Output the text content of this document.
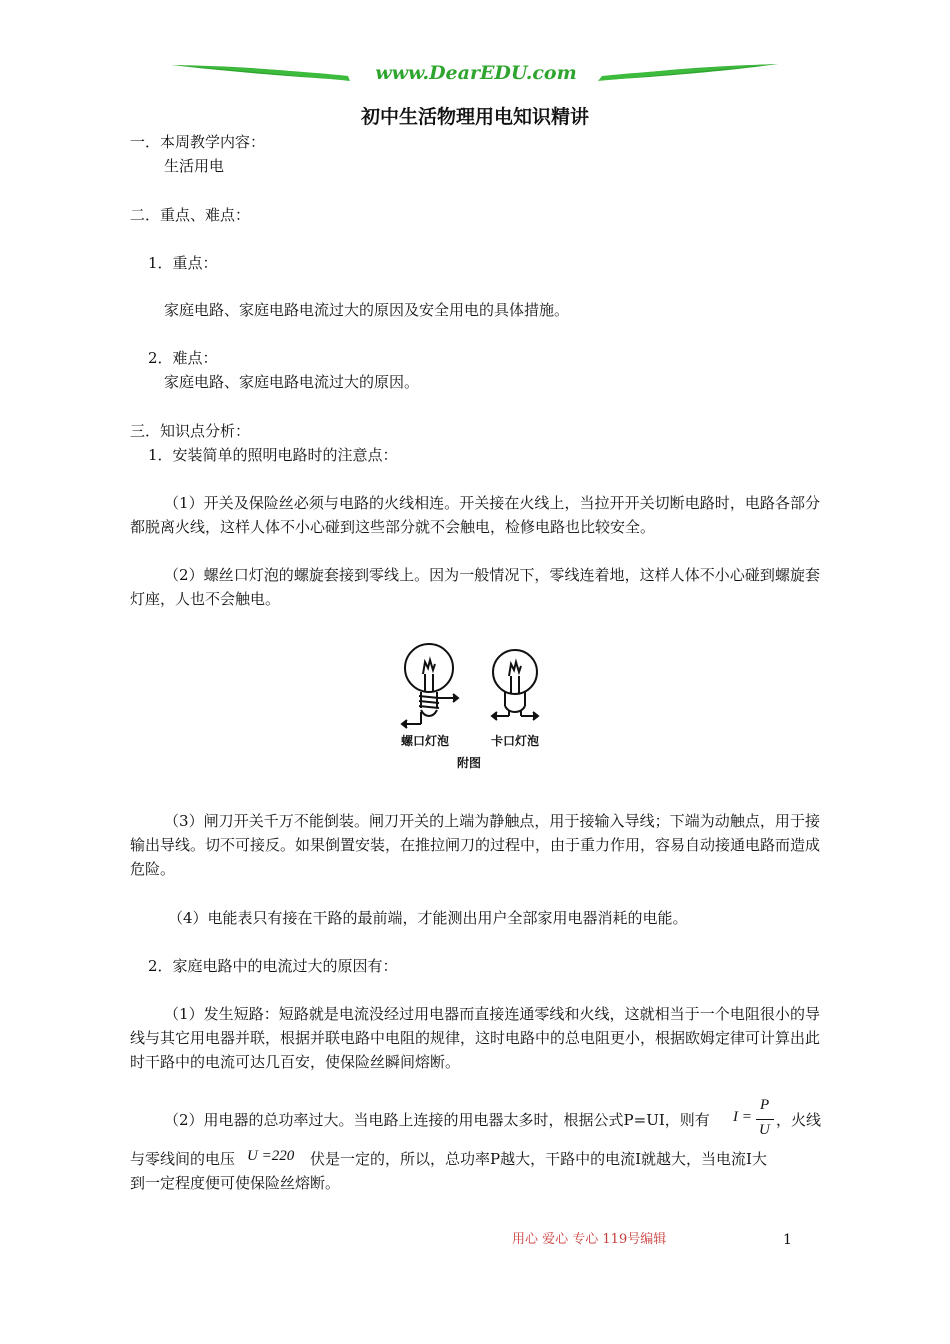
www.DearEDU.com
初中生活物理用电知识精讲
一．本周教学内容：
生活用电
二．重点、难点：
1．重点：
家庭电路、家庭电路电流过大的原因及安全用电的具体措施。
2．难点：
家庭电路、家庭电路电流过大的原因。
三．知识点分析：
1．安装简单的照明电路时的注意点：
（1）开关及保险丝必须与电路的火线相连。开关接在火线上，当拉开开关切断电路时，电路各部分都脱离火线，这样人体不小心碰到这些部分就不会触电，检修电路也比较安全。
（2）螺丝口灯泡的螺旋套接到零线上。因为一般情况下，零线连着地，这样人体不小心碰到螺旋套灯座，人也不会触电。
螺口灯泡	卡口灯泡
附图
（3）闸刀开关千万不能倒装。闸刀开关的上端为静触点，用于接输入导线；下端为动触点，用于接输出导线。切不可接反。如果倒置安装，在推拉闸刀的过程中，由于重力作用，容易自动接通电路而造成危险。
（4）电能表只有接在干路的最前端，才能测出用户全部家用电器消耗的电能。
2．家庭电路中的电流过大的原因有：
（1）发生短路：短路就是电流没经过用电器而直接连通零线和火线，这就相当于一个电阻很小的导线与其它用电器并联，根据并联电路中电阻的规律，这时电路中的总电阻更小，根据欧姆定律可计算出此时干路中的电流可达几百安，使保险丝瞬间熔断。
（2）用电器的总功率过大。当电路上连接的用电器太多时，根据公式P=UI，则有 I =
P
U
，火线
与零线间的电压 U =220 伏是一定的，所以，总功率P越大，干路中的电流I就越大，当电流I大
到一定程度便可使保险丝熔断。
用心 爱心 专心 119号编辑	1
